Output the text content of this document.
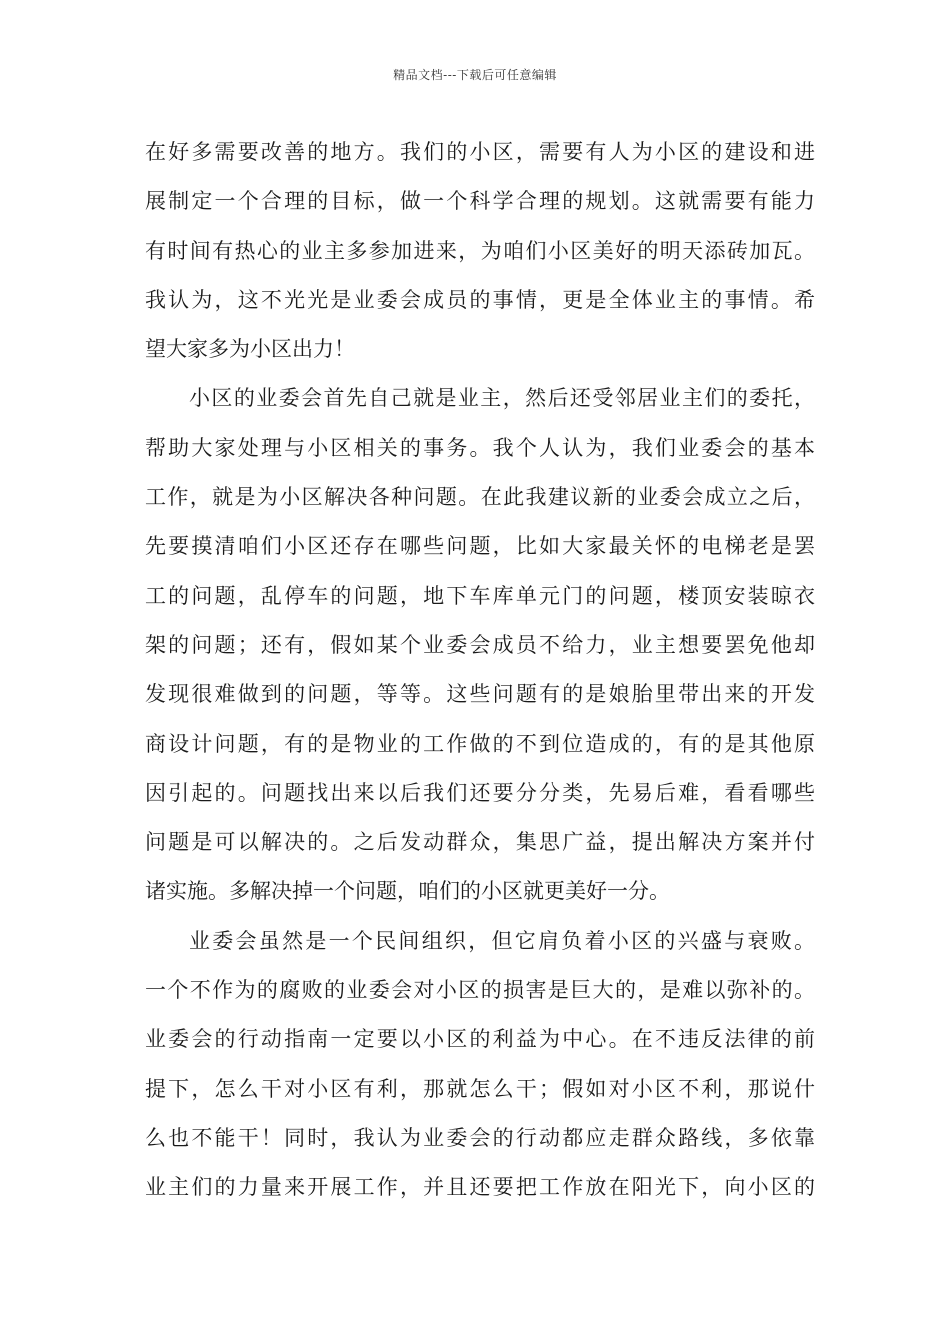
精品文档---下载后可任意编辑

在好多需要改善的地方。我们的小区，需要有人为小区的建设和进
展制定一个合理的目标，做一个科学合理的规划。这就需要有能力
有时间有热心的业主多参加进来，为咱们小区美好的明天添砖加瓦。
我认为，这不光光是业委会成员的事情，更是全体业主的事情。希
望大家多为小区出力！

小区的业委会首先自己就是业主，然后还受邻居业主们的委托，
帮助大家处理与小区相关的事务。我个人认为，我们业委会的基本
工作，就是为小区解决各种问题。在此我建议新的业委会成立之后，
先要摸清咱们小区还存在哪些问题，比如大家最关怀的电梯老是罢
工的问题，乱停车的问题，地下车库单元门的问题，楼顶安装晾衣
架的问题；还有，假如某个业委会成员不给力，业主想要罢免他却
发现很难做到的问题，等等。这些问题有的是娘胎里带出来的开发
商设计问题，有的是物业的工作做的不到位造成的，有的是其他原
因引起的。问题找出来以后我们还要分分类，先易后难，看看哪些
问题是可以解决的。之后发动群众，集思广益，提出解决方案并付
诸实施。多解决掉一个问题，咱们的小区就更美好一分。

业委会虽然是一个民间组织，但它肩负着小区的兴盛与衰败。
一个不作为的腐败的业委会对小区的损害是巨大的，是难以弥补的。
业委会的行动指南一定要以小区的利益为中心。在不违反法律的前
提下，怎么干对小区有利，那就怎么干；假如对小区不利，那说什
么也不能干！同时，我认为业委会的行动都应走群众路线，多依靠
业主们的力量来开展工作，并且还要把工作放在阳光下，向小区的
